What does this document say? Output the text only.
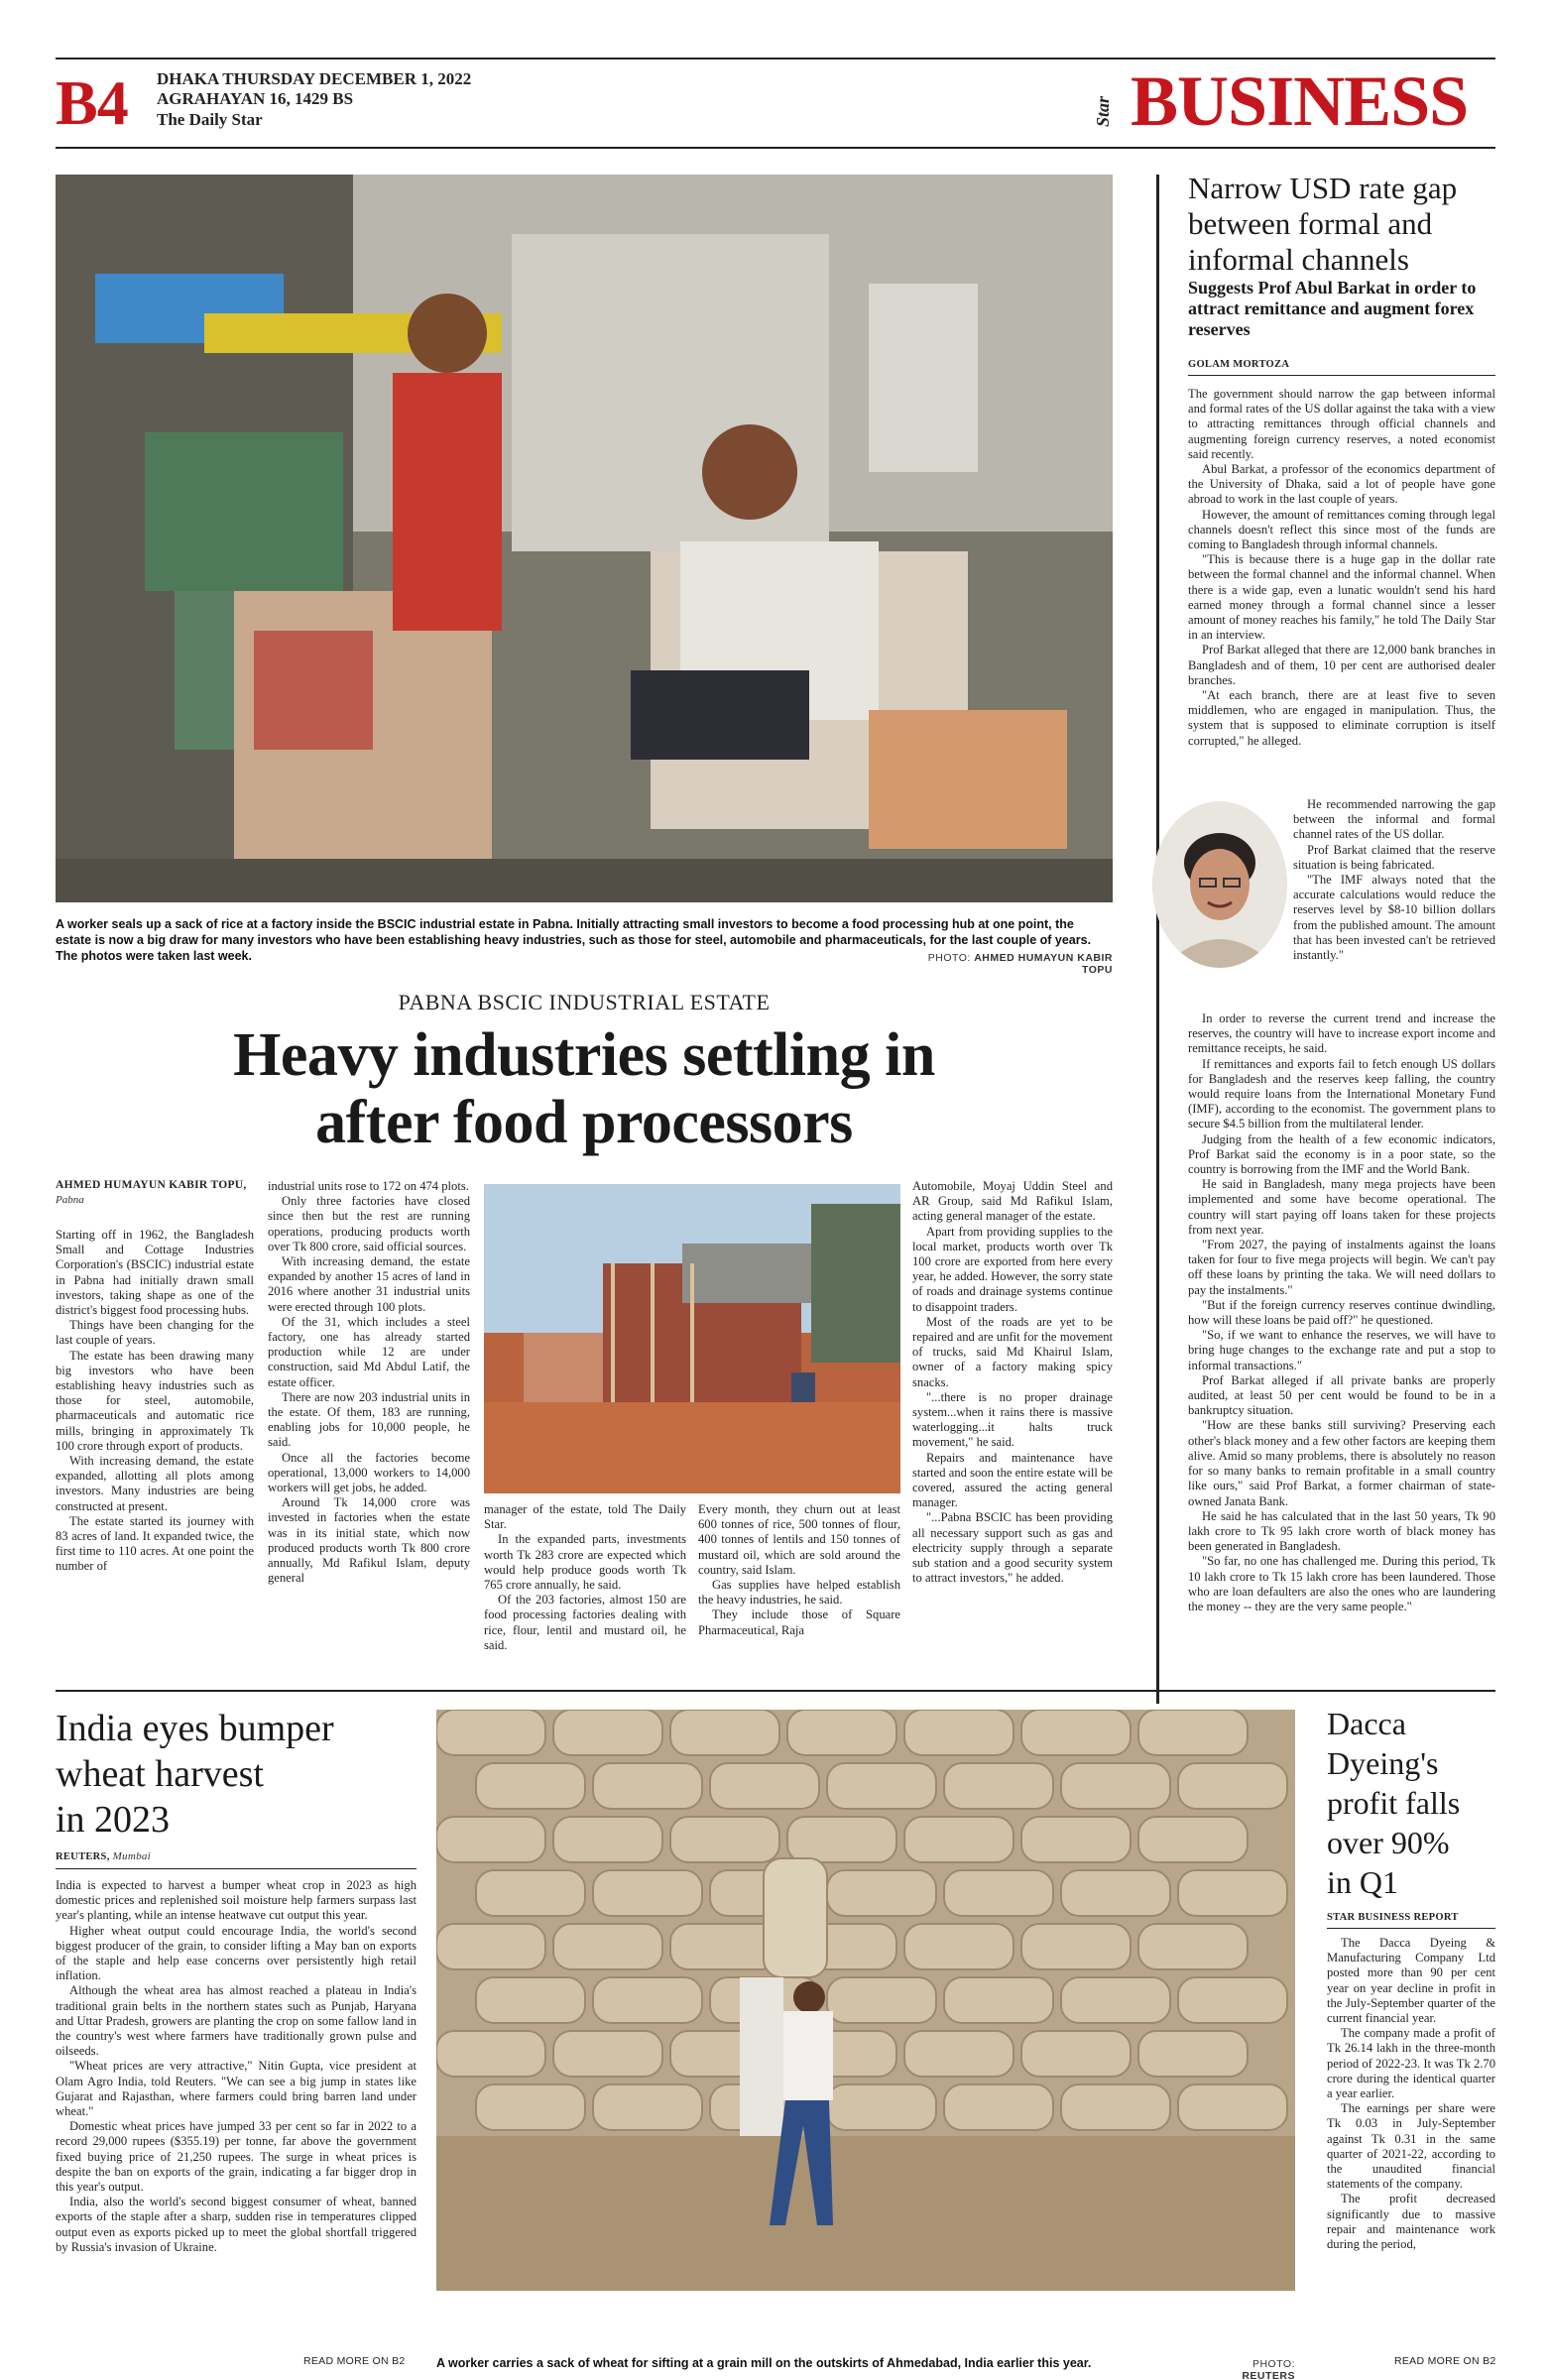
B4 DHAKA THURSDAY DECEMBER 1, 2022
AGRAHAYAN 16, 1429 BS
The Daily Star	Star BUSINESS
A worker seals up a sack of rice at a factory inside the BSCIC industrial estate in Pabna. Initially attracting small investors to become a food processing hub at one point, the estate is now a big draw for many investors who have been establishing heavy industries, such as those for steel, automobile and pharmaceuticals, for the last couple of years. The photos were taken last week.	PHOTO: AHMED HUMAYUN KABIR TOPU
PABNA BSCIC INDUSTRIAL ESTATE
Heavy industries settling in
after food processors
AHMED HUMAYUN KABIR TOPU,
Pabna

Starting off in 1962, the Bangladesh Small and Cottage Industries Corporation's (BSCIC) industrial estate in Pabna had initially drawn small investors, taking shape as one of the district's biggest food processing hubs.

Things have been changing for the last couple of years.

The estate has been drawing many big investors who have been establishing heavy industries such as those for steel, automobile, pharmaceuticals and automatic rice mills, bringing in approximately Tk 100 crore through export of products.

With increasing demand, the estate expanded, allotting all plots among investors. Many industries are being constructed at present.

The estate started its journey with 83 acres of land. It expanded twice, the first time to 110 acres. At one point the number of

industrial units rose to 172 on 474 plots.

Only three factories have closed since then but the rest are running operations, producing products worth over Tk 800 crore, said official sources.

With increasing demand, the estate expanded by another 15 acres of land in 2016 where another 31 industrial units were erected through 100 plots.

Of the 31, which includes a steel factory, one has already started production while 12 are under construction, said Md Abdul Latif, the estate officer.

There are now 203 industrial units in the estate. Of them, 183 are running, enabling jobs for 10,000 people, he said.

Once all the factories become operational, 13,000 workers to 14,000 workers will get jobs, he added.

Around Tk 14,000 crore was invested in factories when the estate was in its initial state, which now produced products worth Tk 800 crore annually, Md Rafikul Islam, deputy general

manager of the estate, told The Daily Star.

In the expanded parts, investments worth Tk 283 crore are expected which would help produce goods worth Tk 765 crore annually, he said.

Of the 203 factories, almost 150 are food processing factories dealing with rice, flour, lentil and mustard oil, he said.

Every month, they churn out at least 600 tonnes of rice, 500 tonnes of flour, 400 tonnes of lentils and 150 tonnes of mustard oil, which are sold around the country, said Islam.

Gas supplies have helped establish the heavy industries, he said.

They include those of Square Pharmaceutical, Raja

Automobile, Moyaj Uddin Steel and AR Group, said Md Rafikul Islam, acting general manager of the estate.

Apart from providing supplies to the local market, products worth over Tk 100 crore are exported from here every year, he added. However, the sorry state of roads and drainage systems continue to disappoint traders.

Most of the roads are yet to be repaired and are unfit for the movement of trucks, said Md Khairul Islam, owner of a factory making spicy snacks.

"...there is no proper drainage system...when it rains there is massive waterlogging...it halts truck movement," he said.

Repairs and maintenance have started and soon the entire estate will be covered, assured the acting general manager.

"...Pabna BSCIC has been providing all necessary support such as gas and electricity supply through a separate sub station and a good security system to attract investors," he added.

Narrow USD rate gap between formal and informal channels
Suggests Prof Abul Barkat in order to attract remittance and augment forex reserves
GOLAM MORTOZA

The government should narrow the gap between informal and formal rates of the US dollar against the taka with a view to attracting remittances through official channels and augmenting foreign currency reserves, a noted economist said recently.

Abul Barkat, a professor of the economics department of the University of Dhaka, said a lot of people have gone abroad to work in the last couple of years.

However, the amount of remittances coming through legal channels doesn't reflect this since most of the funds are coming to Bangladesh through informal channels.

"This is because there is a huge gap in the dollar rate between the formal channel and the informal channel. When there is a wide gap, even a lunatic wouldn't send his hard earned money through a formal channel since a lesser amount of money reaches his family," he told The Daily Star in an interview.

Prof Barkat alleged that there are 12,000 bank branches in Bangladesh and of them, 10 per cent are authorised dealer branches.

"At each branch, there are at least five to seven middlemen, who are engaged in manipulation. Thus, the system that is supposed to eliminate corruption is itself corrupted," he alleged.

He recommended narrowing the gap between the informal and formal channel rates of the US dollar.

Prof Barkat claimed that the reserve situation is being fabricated.

"The IMF always noted that the accurate calculations would reduce the reserves level by $8-10 billion dollars from the published amount. The amount that has been invested can't be retrieved instantly."

In order to reverse the current trend and increase the reserves, the country will have to increase export income and remittance receipts, he said.

If remittances and exports fail to fetch enough US dollars for Bangladesh and the reserves keep falling, the country would require loans from the International Monetary Fund (IMF), according to the economist. The government plans to secure $4.5 billion from the multilateral lender.

Judging from the health of a few economic indicators, Prof Barkat said the economy is in a poor state, so the country is borrowing from the IMF and the World Bank.

He said in Bangladesh, many mega projects have been implemented and some have become operational. The country will start paying off loans taken for these projects from next year.

"From 2027, the paying of instalments against the loans taken for four to five mega projects will begin. We can't pay off these loans by printing the taka. We will need dollars to pay the instalments."

"But if the foreign currency reserves continue dwindling, how will these loans be paid off?" he questioned.

"So, if we want to enhance the reserves, we will have to bring huge changes to the exchange rate and put a stop to informal transactions."

Prof Barkat alleged if all private banks are properly audited, at least 50 per cent would be found to be in a bankruptcy situation.

"How are these banks still surviving? Preserving each other's black money and a few other factors are keeping them alive. Amid so many problems, there is absolutely no reason for so many banks to remain profitable in a small country like ours," said Prof Barkat, a former chairman of state-owned Janata Bank.

He said he has calculated that in the last 50 years, Tk 90 lakh crore to Tk 95 lakh crore worth of black money has been generated in Bangladesh.

"So far, no one has challenged me. During this period, Tk 10 lakh crore to Tk 15 lakh crore has been laundered. Those who are loan defaulters are also the ones who are laundering the money -- they are the very same people."

India eyes bumper
wheat harvest
in 2023
REUTERS, Mumbai

India is expected to harvest a bumper wheat crop in 2023 as high domestic prices and replenished soil moisture help farmers surpass last year's planting, while an intense heatwave cut output this year.

Higher wheat output could encourage India, the world's second biggest producer of the grain, to consider lifting a May ban on exports of the staple and help ease concerns over persistently high retail inflation.

Although the wheat area has almost reached a plateau in India's traditional grain belts in the northern states such as Punjab, Haryana and Uttar Pradesh, growers are planting the crop on some fallow land in the country's west where farmers have traditionally grown pulse and oilseeds.

"Wheat prices are very attractive," Nitin Gupta, vice president at Olam Agro India, told Reuters. "We can see a big jump in states like Gujarat and Rajasthan, where farmers could bring barren land under wheat."

Domestic wheat prices have jumped 33 per cent so far in 2022 to a record 29,000 rupees ($355.19) per tonne, far above the government fixed buying price of 21,250 rupees. The surge in wheat prices is despite the ban on exports of the grain, indicating a far bigger drop in this year's output.

India, also the world's second biggest consumer of wheat, banned exports of the staple after a sharp, sudden rise in temperatures clipped output even as exports picked up to meet the global shortfall triggered by Russia's invasion of Ukraine.

READ MORE ON B2	A worker carries a sack of wheat for sifting at a grain mill on the outskirts of Ahmedabad, India earlier this year.	PHOTO: REUTERS
Dacca
Dyeing's
profit falls
over 90%
in Q1
STAR BUSINESS REPORT

The Dacca Dyeing & Manufacturing Company Ltd posted more than 90 per cent year on year decline in profit in the July-September quarter of the current financial year.

The company made a profit of Tk 26.14 lakh in the three-month period of 2022-23. It was Tk 2.70 crore during the identical quarter a year earlier.

The earnings per share were Tk 0.03 in July-September against Tk 0.31 in the same quarter of 2021-22, according to the unaudited financial statements of the company.

The profit decreased significantly due to massive repair and maintenance work during the period,

READ MORE ON B2
